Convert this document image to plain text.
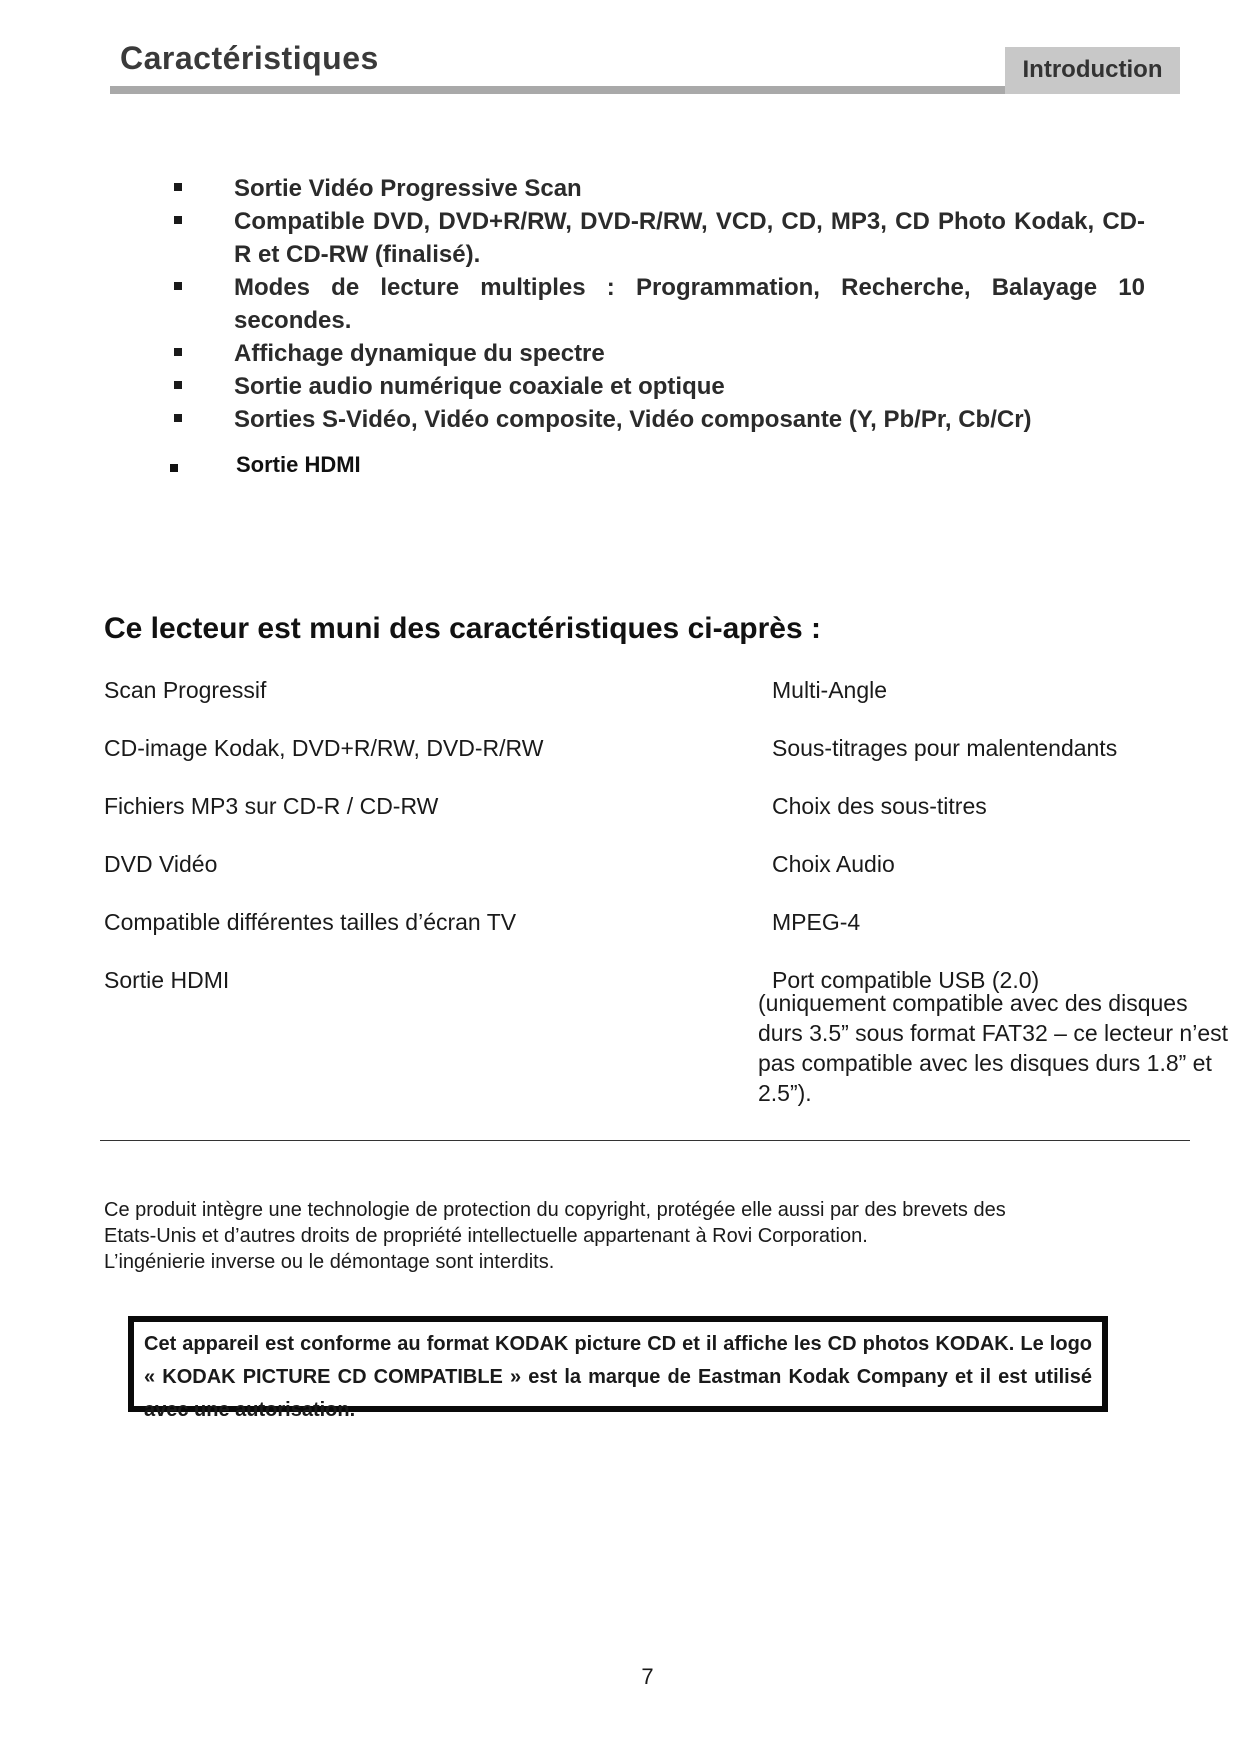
Caractéristiques	Introduction
Sortie Vidéo Progressive Scan
Compatible DVD, DVD+R/RW, DVD-R/RW, VCD, CD, MP3, CD Photo Kodak, CD-R et CD-RW (finalisé).
Modes de lecture multiples : Programmation, Recherche, Balayage 10 secondes.
Affichage dynamique du spectre
Sortie audio numérique coaxiale et optique
Sorties S-Vidéo, Vidéo composite, Vidéo composante (Y, Pb/Pr, Cb/Cr)
Sortie HDMI
Ce lecteur est muni des caractéristiques ci-après :
Scan Progressif
CD-image Kodak, DVD+R/RW, DVD-R/RW
Fichiers MP3 sur CD-R / CD-RW
DVD Vidéo
Compatible différentes tailles d’écran TV
Sortie HDMI
Multi-Angle
Sous-titrages pour malentendants
Choix des sous-titres
Choix Audio
MPEG-4
Port compatible USB (2.0)
(uniquement compatible avec des disques durs 3.5” sous format FAT32 – ce lecteur n’est pas compatible avec les disques durs 1.8” et 2.5”).

Ce produit intègre une technologie de protection du copyright, protégée elle aussi par des brevets des

Etats-Unis et d’autres droits de propriété intellectuelle appartenant à Rovi Corporation.

L’ingénierie inverse ou le démontage sont interdits.

Cet appareil est conforme au format KODAK picture CD et il affiche les CD photos KODAK. Le logo « KODAK PICTURE CD COMPATIBLE » est la marque de Eastman Kodak Company et il est utilisé avec une autorisation.
7
